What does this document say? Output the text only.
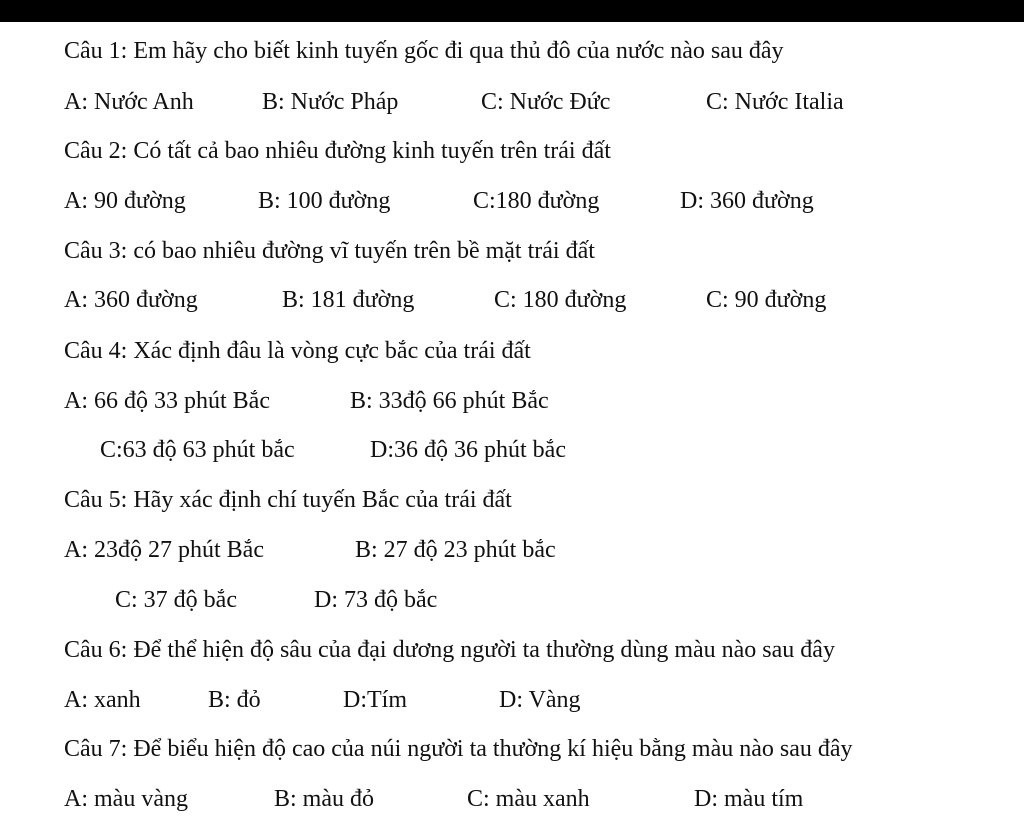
Câu 1: Em hãy cho biết kinh tuyến gốc đi qua thủ đô của nước nào sau đây
A: Nước Anh	B: Nước Pháp	C: Nước Đức	C: Nước Italia
Câu 2: Có tất cả bao nhiêu đường kinh tuyến trên trái đất
A: 90 đường	B: 100 đường	C:180 đường	D: 360 đường
Câu 3: có bao nhiêu đường vĩ tuyến trên bề mặt trái đất
A: 360 đường	B: 181 đường	C: 180 đường	C: 90 đường
Câu 4: Xác định đâu là vòng cực bắc của trái đất
A: 66 độ 33 phút Bắc	B: 33độ 66 phút Bắc
C:63 độ 63 phút bắc	D:36 độ 36 phút bắc
Câu 5: Hãy xác định chí tuyến Bắc của trái đất
A: 23độ 27 phút Bắc	B: 27 độ 23 phút bắc
C: 37 độ bắc	D: 73 độ bắc
Câu 6: Để thể hiện độ sâu của đại dương người ta thường dùng màu nào sau đây
A: xanh	B: đỏ	D:Tím	D: Vàng
Câu 7: Để biểu hiện độ cao của núi người ta thường kí hiệu bằng màu nào sau đây
A: màu vàng	B: màu đỏ	C: màu xanh	D: màu tím
